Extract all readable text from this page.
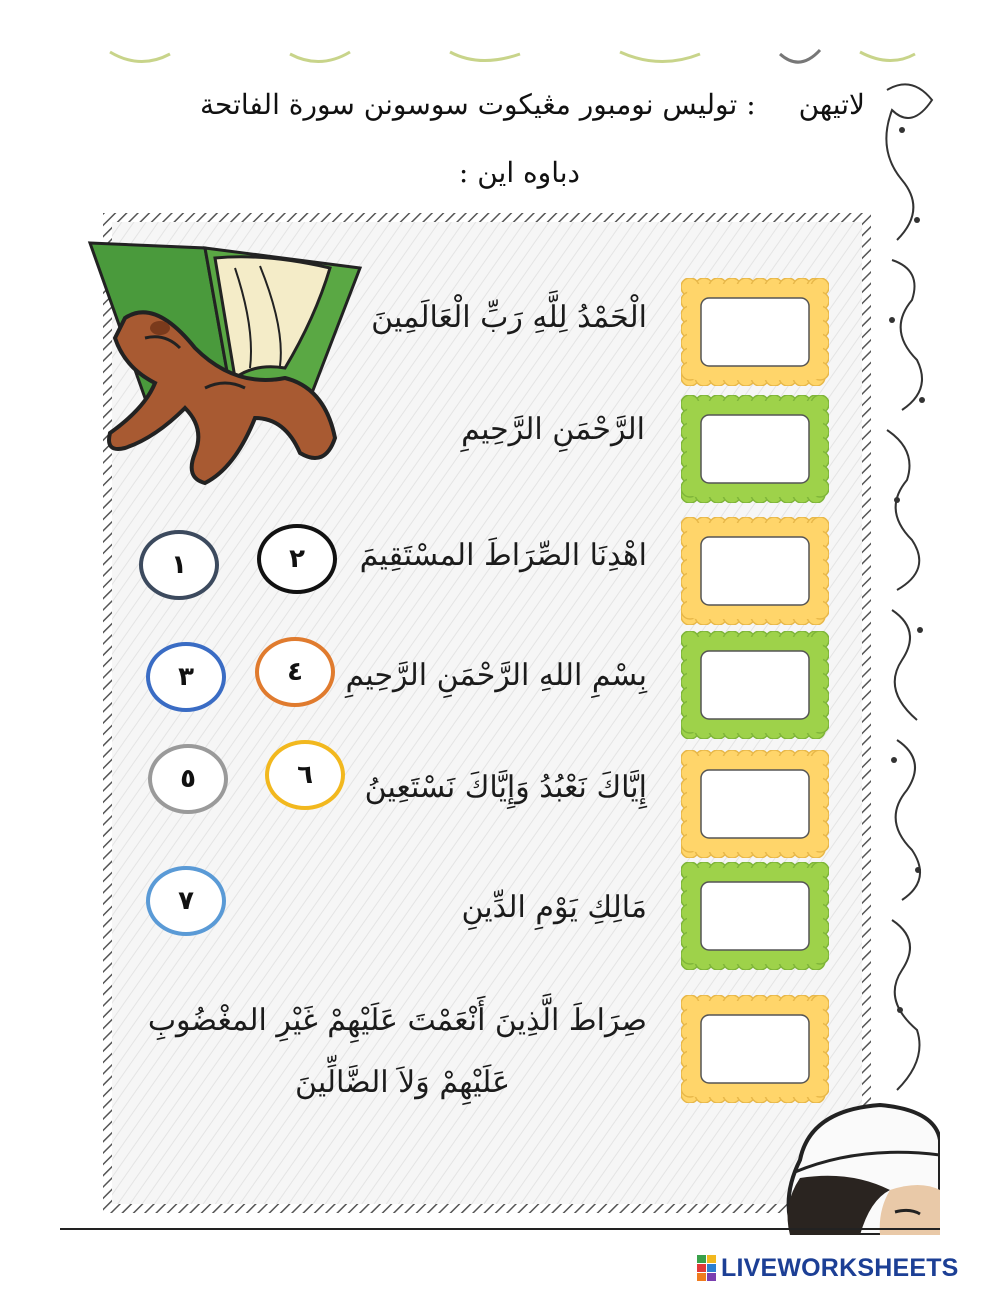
لاتيهن : توليس نومبور مڠيكوت سوسونن سورة الفاتحة
دباوه اين :
الْحَمْدُ لِلَّهِ رَبِّ الْعَالَمِينَ
الرَّحْمَنِ الرَّحِيمِ
اهْدِنَا الصِّرَاطَ المسْتَقِيمَ
بِسْمِ اللهِ الرَّحْمَنِ الرَّحِيمِ
إِيَّاكَ نَعْبُدُ وَإِيَّاكَ نَسْتَعِينُ
مَالِكِ يَوْمِ الدِّينِ
صِرَاطَ الَّذِينَ أَنْعَمْتَ عَلَيْهِمْ غَيْرِ المغْضُوبِ
عَلَيْهِمْ وَلاَ الضَّالِّينَ
١	٢
٣	٤
٥	٦
٧
LIVEWORKSHEETS
